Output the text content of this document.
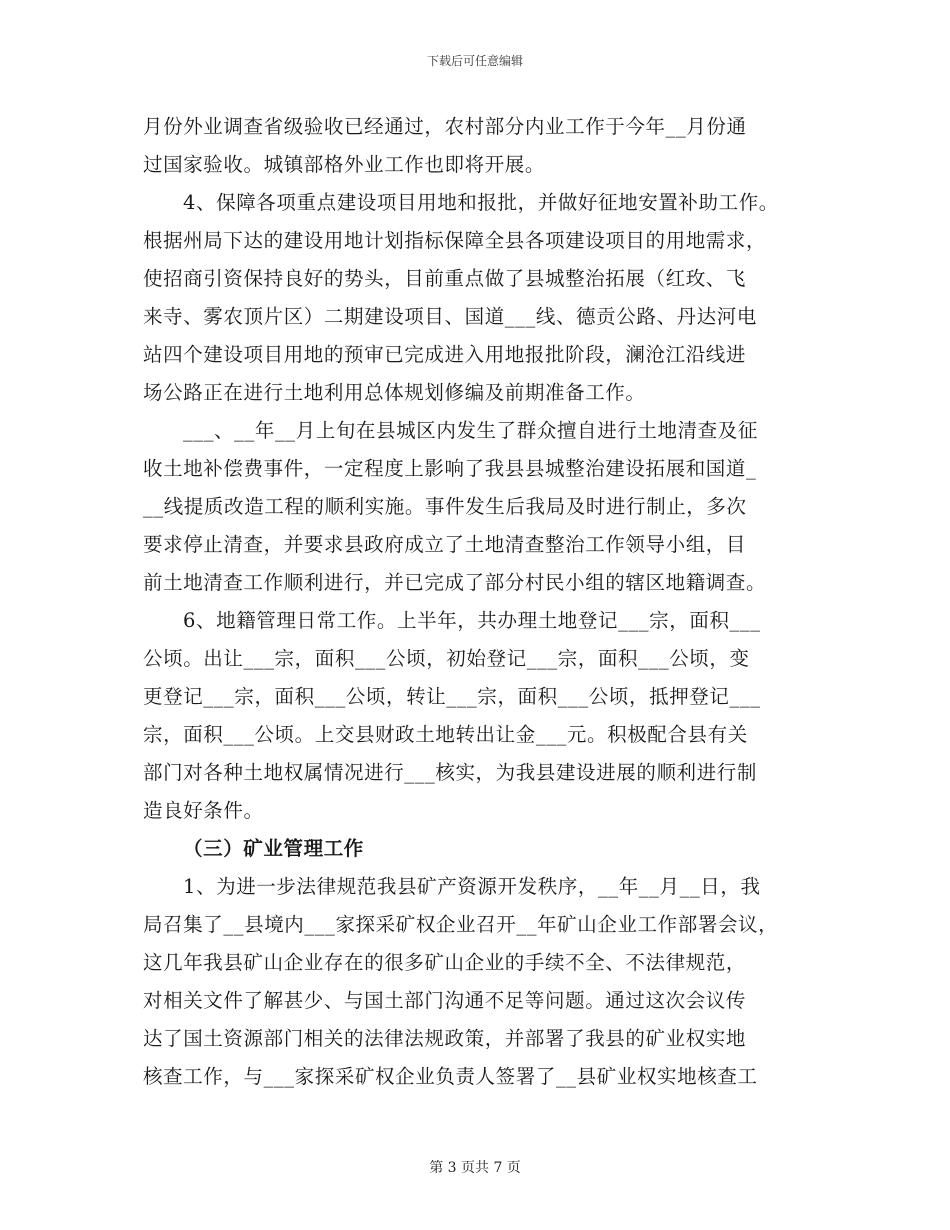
下载后可任意编辑
月份外业调查省级验收已经通过，农村部分内业工作于今年__月份通
过国家验收。城镇部格外业工作也即将开展。
4、保障各项重点建设项目用地和报批，并做好征地安置补助工作。
根据州局下达的建设用地计划指标保障全县各项建设项目的用地需求，
使招商引资保持良好的势头，目前重点做了县城整治拓展（红玫、飞
来寺、雾农顶片区）二期建设项目、国道___线、德贡公路、丹达河电
站四个建设项目用地的预审已完成进入用地报批阶段，澜沧江沿线进
场公路正在进行土地利用总体规划修编及前期准备工作。
___、__年__月上旬在县城区内发生了群众擅自进行土地清查及征
收土地补偿费事件，一定程度上影响了我县县城整治建设拓展和国道_
__线提质改造工程的顺利实施。事件发生后我局及时进行制止，多次
要求停止清查，并要求县政府成立了土地清查整治工作领导小组，目
前土地清查工作顺利进行，并已完成了部分村民小组的辖区地籍调查。
6、地籍管理日常工作。上半年，共办理土地登记___宗，面积___
公顷。出让___宗，面积___公顷，初始登记___宗，面积___公顷，变
更登记___宗，面积___公顷，转让___宗，面积___公顷，抵押登记___
宗，面积___公顷。上交县财政土地转出让金___元。积极配合县有关
部门对各种土地权属情况进行___核实，为我县建设进展的顺利进行制
造良好条件。
（三）矿业管理工作
1、为进一步法律规范我县矿产资源开发秩序，__年__月__日，我
局召集了__县境内___家探采矿权企业召开__年矿山企业工作部署会议，
这几年我县矿山企业存在的很多矿山企业的手续不全、不法律规范，
对相关文件了解甚少、与国土部门沟通不足等问题。通过这次会议传
达了国土资源部门相关的法律法规政策，并部署了我县的矿业权实地
核查工作，与___家探采矿权企业负责人签署了__县矿业权实地核查工
第 3 页共 7 页
